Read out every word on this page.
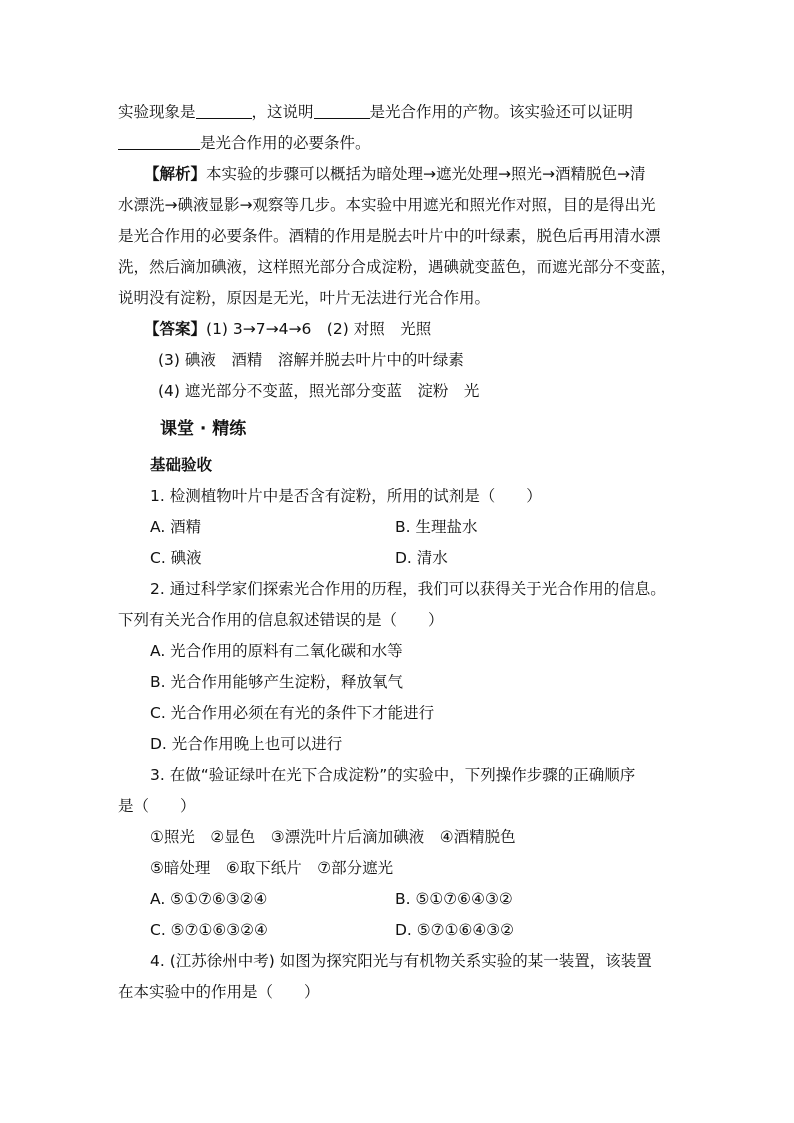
实验现象是	，这说明	是光合作用的产物。该实验还可以证明
是光合作用的必要条件。
【解析】本实验的步骤可以概括为暗处理→遮光处理→照光→酒精脱色→清
水漂洗→碘液显影→观察等几步。本实验中用遮光和照光作对照，目的是得出光
是光合作用的必要条件。酒精的作用是脱去叶片中的叶绿素，脱色后再用清水漂
洗，然后滴加碘液，这样照光部分合成淀粉，遇碘就变蓝色，而遮光部分不变蓝，
说明没有淀粉，原因是无光，叶片无法进行光合作用。
【答案】(1) 3→7→4→6　(2) 对照　光照
(3) 碘液　酒精　溶解并脱去叶片中的叶绿素
(4) 遮光部分不变蓝，照光部分变蓝　淀粉　光
课堂 · 精练
基础验收
1. 检测植物叶片中是否含有淀粉，所用的试剂是（　　）
A. 酒精	B. 生理盐水
C. 碘液	D. 清水
2. 通过科学家们探索光合作用的历程，我们可以获得关于光合作用的信息。
下列有关光合作用的信息叙述错误的是（　　）
A. 光合作用的原料有二氧化碳和水等
B. 光合作用能够产生淀粉，释放氧气
C. 光合作用必须在有光的条件下才能进行
D. 光合作用晚上也可以进行
3. 在做“验证绿叶在光下合成淀粉”的实验中，下列操作步骤的正确顺序
是（　　）
①照光　②显色　③漂洗叶片后滴加碘液　④酒精脱色
⑤暗处理　⑥取下纸片　⑦部分遮光
A. ⑤①⑦⑥③②④	B. ⑤①⑦⑥④③②
C. ⑤⑦①⑥③②④	D. ⑤⑦①⑥④③②
4. (江苏徐州中考) 如图为探究阳光与有机物关系实验的某一装置，该装置
在本实验中的作用是（　　）
